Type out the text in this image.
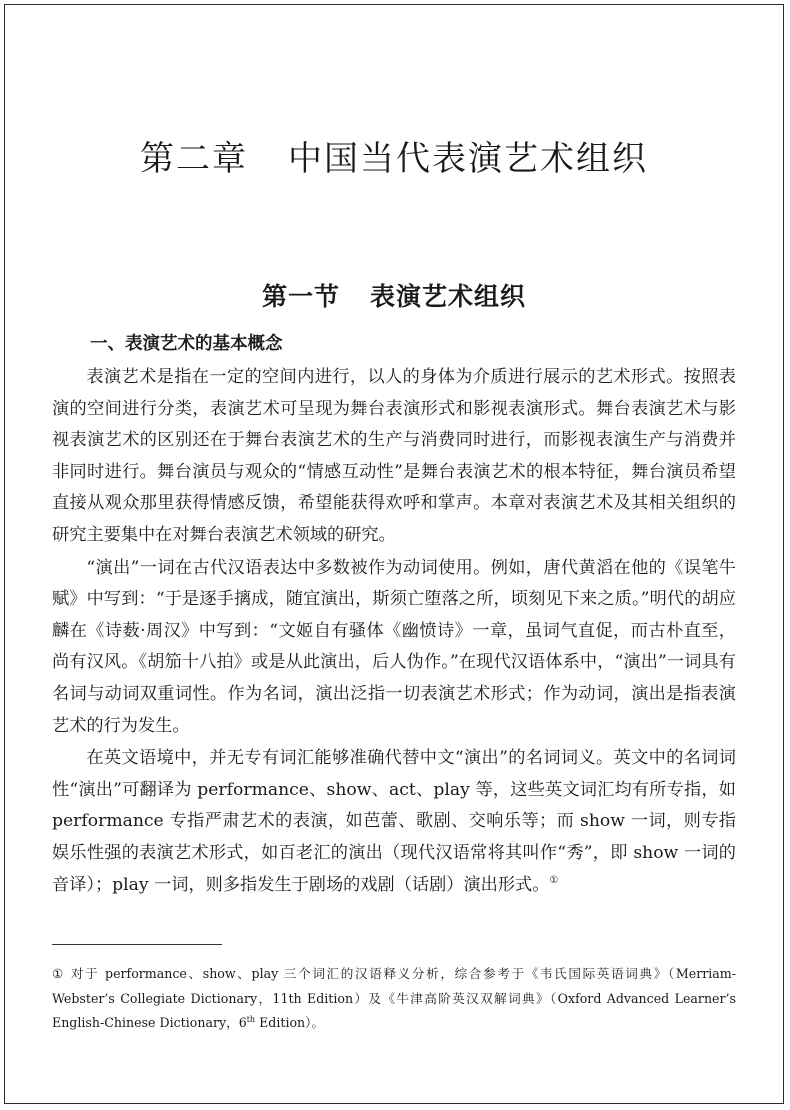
第二章 中国当代表演艺术组织
第一节 表演艺术组织
一、表演艺术的基本概念

表演艺术是指在一定的空间内进行，以人的身体为介质进行展示的艺术形式。按照表演的空间进行分类，表演艺术可呈现为舞台表演形式和影视表演形式。舞台表演艺术与影视表演艺术的区别还在于舞台表演艺术的生产与消费同时进行，而影视表演生产与消费并非同时进行。舞台演员与观众的“情感互动性”是舞台表演艺术的根本特征，舞台演员希望直接从观众那里获得情感反馈，希望能获得欢呼和掌声。本章对表演艺术及其相关组织的研究主要集中在对舞台表演艺术领域的研究。

“演出”一词在古代汉语表达中多数被作为动词使用。例如，唐代黄滔在他的《误笔牛赋》中写到：“于是逐手摛成，随宜演出，斯须亡堕落之所，顷刻见下来之质。”明代的胡应麟在《诗薮·周汉》中写到：“文姬自有骚体《幽愤诗》一章，虽词气直促，而古朴直至，尚有汉风。《胡笳十八拍》或是从此演出，后人伪作。”在现代汉语体系中，“演出”一词具有名词与动词双重词性。作为名词，演出泛指一切表演艺术形式；作为动词，演出是指表演艺术的行为发生。

在英文语境中，并无专有词汇能够准确代替中文“演出”的名词词义。英文中的名词词性“演出”可翻译为 performance、show、act、play 等，这些英文词汇均有所专指，如 performance 专指严肃艺术的表演，如芭蕾、歌剧、交响乐等；而 show 一词，则专指娱乐性强的表演艺术形式，如百老汇的演出（现代汉语常将其叫作“秀”，即 show 一词的音译）；play 一词，则多指发生于剧场的戏剧（话剧）演出形式。①

① 对于 performance、show、play 三个词汇的汉语释义分析，综合参考于《韦氏国际英语词典》（Merriam-Webster’s Collegiate Dictionary，11th Edition）及《牛津高阶英汉双解词典》（Oxford Advanced Learner’s English-Chinese Dictionary，6th Edition）。
